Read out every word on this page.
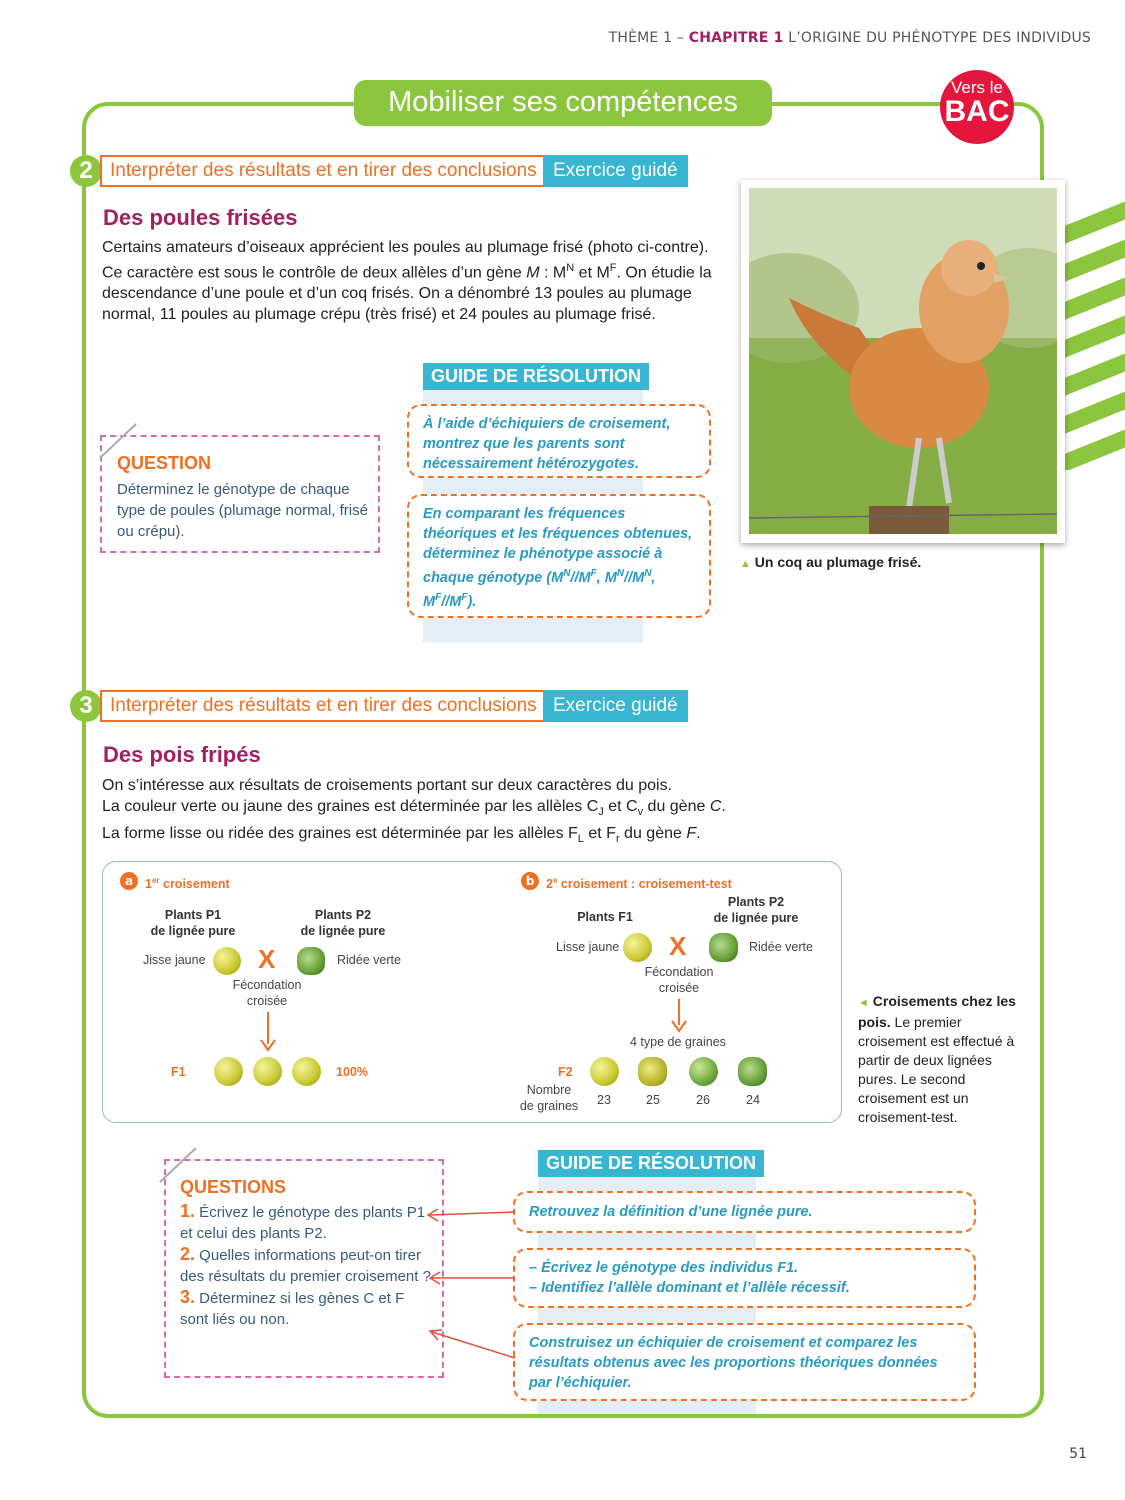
THÈME 1 – CHAPITRE 1 L’ORIGINE DU PHÉNOTYPE DES INDIVIDUS
Mobiliser ses compétences	Vers le
BAC
2 Interpréter des résultats et en tirer des conclusions Exercice guidé
Des poules frisées
Certains amateurs d’oiseaux apprécient les poules au plumage frisé (photo ci-contre). Ce caractère est sous le contrôle de deux allèles d’un gène M : $M^N$ et $M^F$. On étudie la descendance d’une poule et d’un coq frisés. On a dénombré 13 poules au plumage normal, 11 poules au plumage crépu (très frisé) et 24 poules au plumage frisé.
GUIDE DE RÉSOLUTION
À l’aide d’échiquiers de croisement, montrez que les parents sont nécessairement hétérozygotes.
En comparant les fréquences théoriques et les fréquences obtenues, déterminez le phénotype associé à chaque génotype ($M^N//M^F$, $M^N//M^N$, $M^F//M^F$).
QUESTION
Déterminez le génotype de chaque type de poules (plumage normal, frisé ou crépu).
▲ Un coq au plumage frisé.
3 Interpréter des résultats et en tirer des conclusions Exercice guidé
Des pois fripés
On s’intéresse aux résultats de croisements portant sur deux caractères du pois.
La couleur verte ou jaune des graines est déterminée par les allèles $C_J$ et $C_v$ du gène C.
La forme lisse ou ridée des graines est déterminée par les allèles $F_L$ et $F_r$ du gène F.
a 1er croisement
Plants P1
de lignée pure
Plants P2
de lignée pure
Jisse jaune X	Ridée verte
Fécondation
croisée
F1	100%
b 2e croisement : croisement-test
Plants F1
Plants P2
de lignée pure
Lisse jaune X	Ridée verte
Fécondation
croisée
4 type de graines
F2
Nombre
de graines	23	25	26	24
◄ Croisements chez les pois. Le premier croisement est effectué à partir de deux lignées pures. Le second croisement est un croisement-test.
GUIDE DE RÉSOLUTION
Retrouvez la définition d’une lignée pure.
– Écrivez le génotype des individus F1.
– Identifiez l’allèle dominant et l’allèle récessif.
Construisez un échiquier de croisement et comparez les résultats obtenus avec les proportions théoriques données par l’échiquier.
QUESTIONS
1. Écrivez le génotype des plants P1 et celui des plants P2.
2. Quelles informations peut-on tirer des résultats du premier croisement ?
3. Déterminez si les gènes C et F sont liés ou non.
51
